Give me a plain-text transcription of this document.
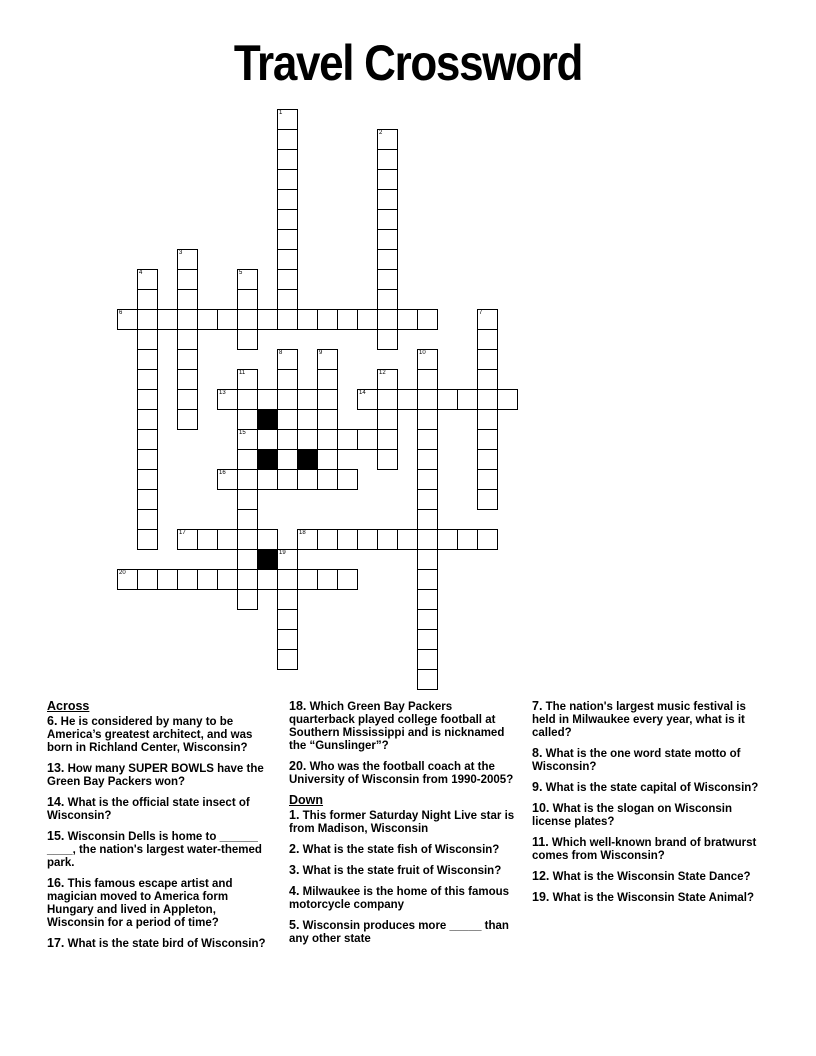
Travel Crossword
1
2
3
4	5
6	7
8	9	10
11	12
13	14
15
16
17	18
19
20
Across
6. He is considered by many to be America’s greatest architect, and was born in Richland Center, Wisconsin?
13. How many SUPER BOWLS have the Green Bay Packers won?
14. What is the official state insect of Wisconsin?
15. Wisconsin Dells is home to ______ ____, the nation's largest water-themed park.
16. This famous escape artist and magician moved to America form Hungary and lived in Appleton, Wisconsin for a period of time?
17. What is the state bird of Wisconsin?
18. Which Green Bay Packers quarterback played college football at Southern Mississippi and is nicknamed the “Gunslinger”?
20. Who was the football coach at the University of Wisconsin from 1990-2005?
Down
1. This former Saturday Night Live star is from Madison, Wisconsin
2. What is the state fish of Wisconsin?
3. What is the state fruit of Wisconsin?
4. Milwaukee is the home of this famous motorcycle company
5. Wisconsin produces more _____ than any other state
7. The nation's largest music festival is held in Milwaukee every year, what is it called?
8. What is the one word state motto of Wisconsin?
9. What is the state capital of Wisconsin?
10. What is the slogan on Wisconsin license plates?
11. Which well-known brand of bratwurst comes from Wisconsin?
12. What is the Wisconsin State Dance?
19. What is the Wisconsin State Animal?
